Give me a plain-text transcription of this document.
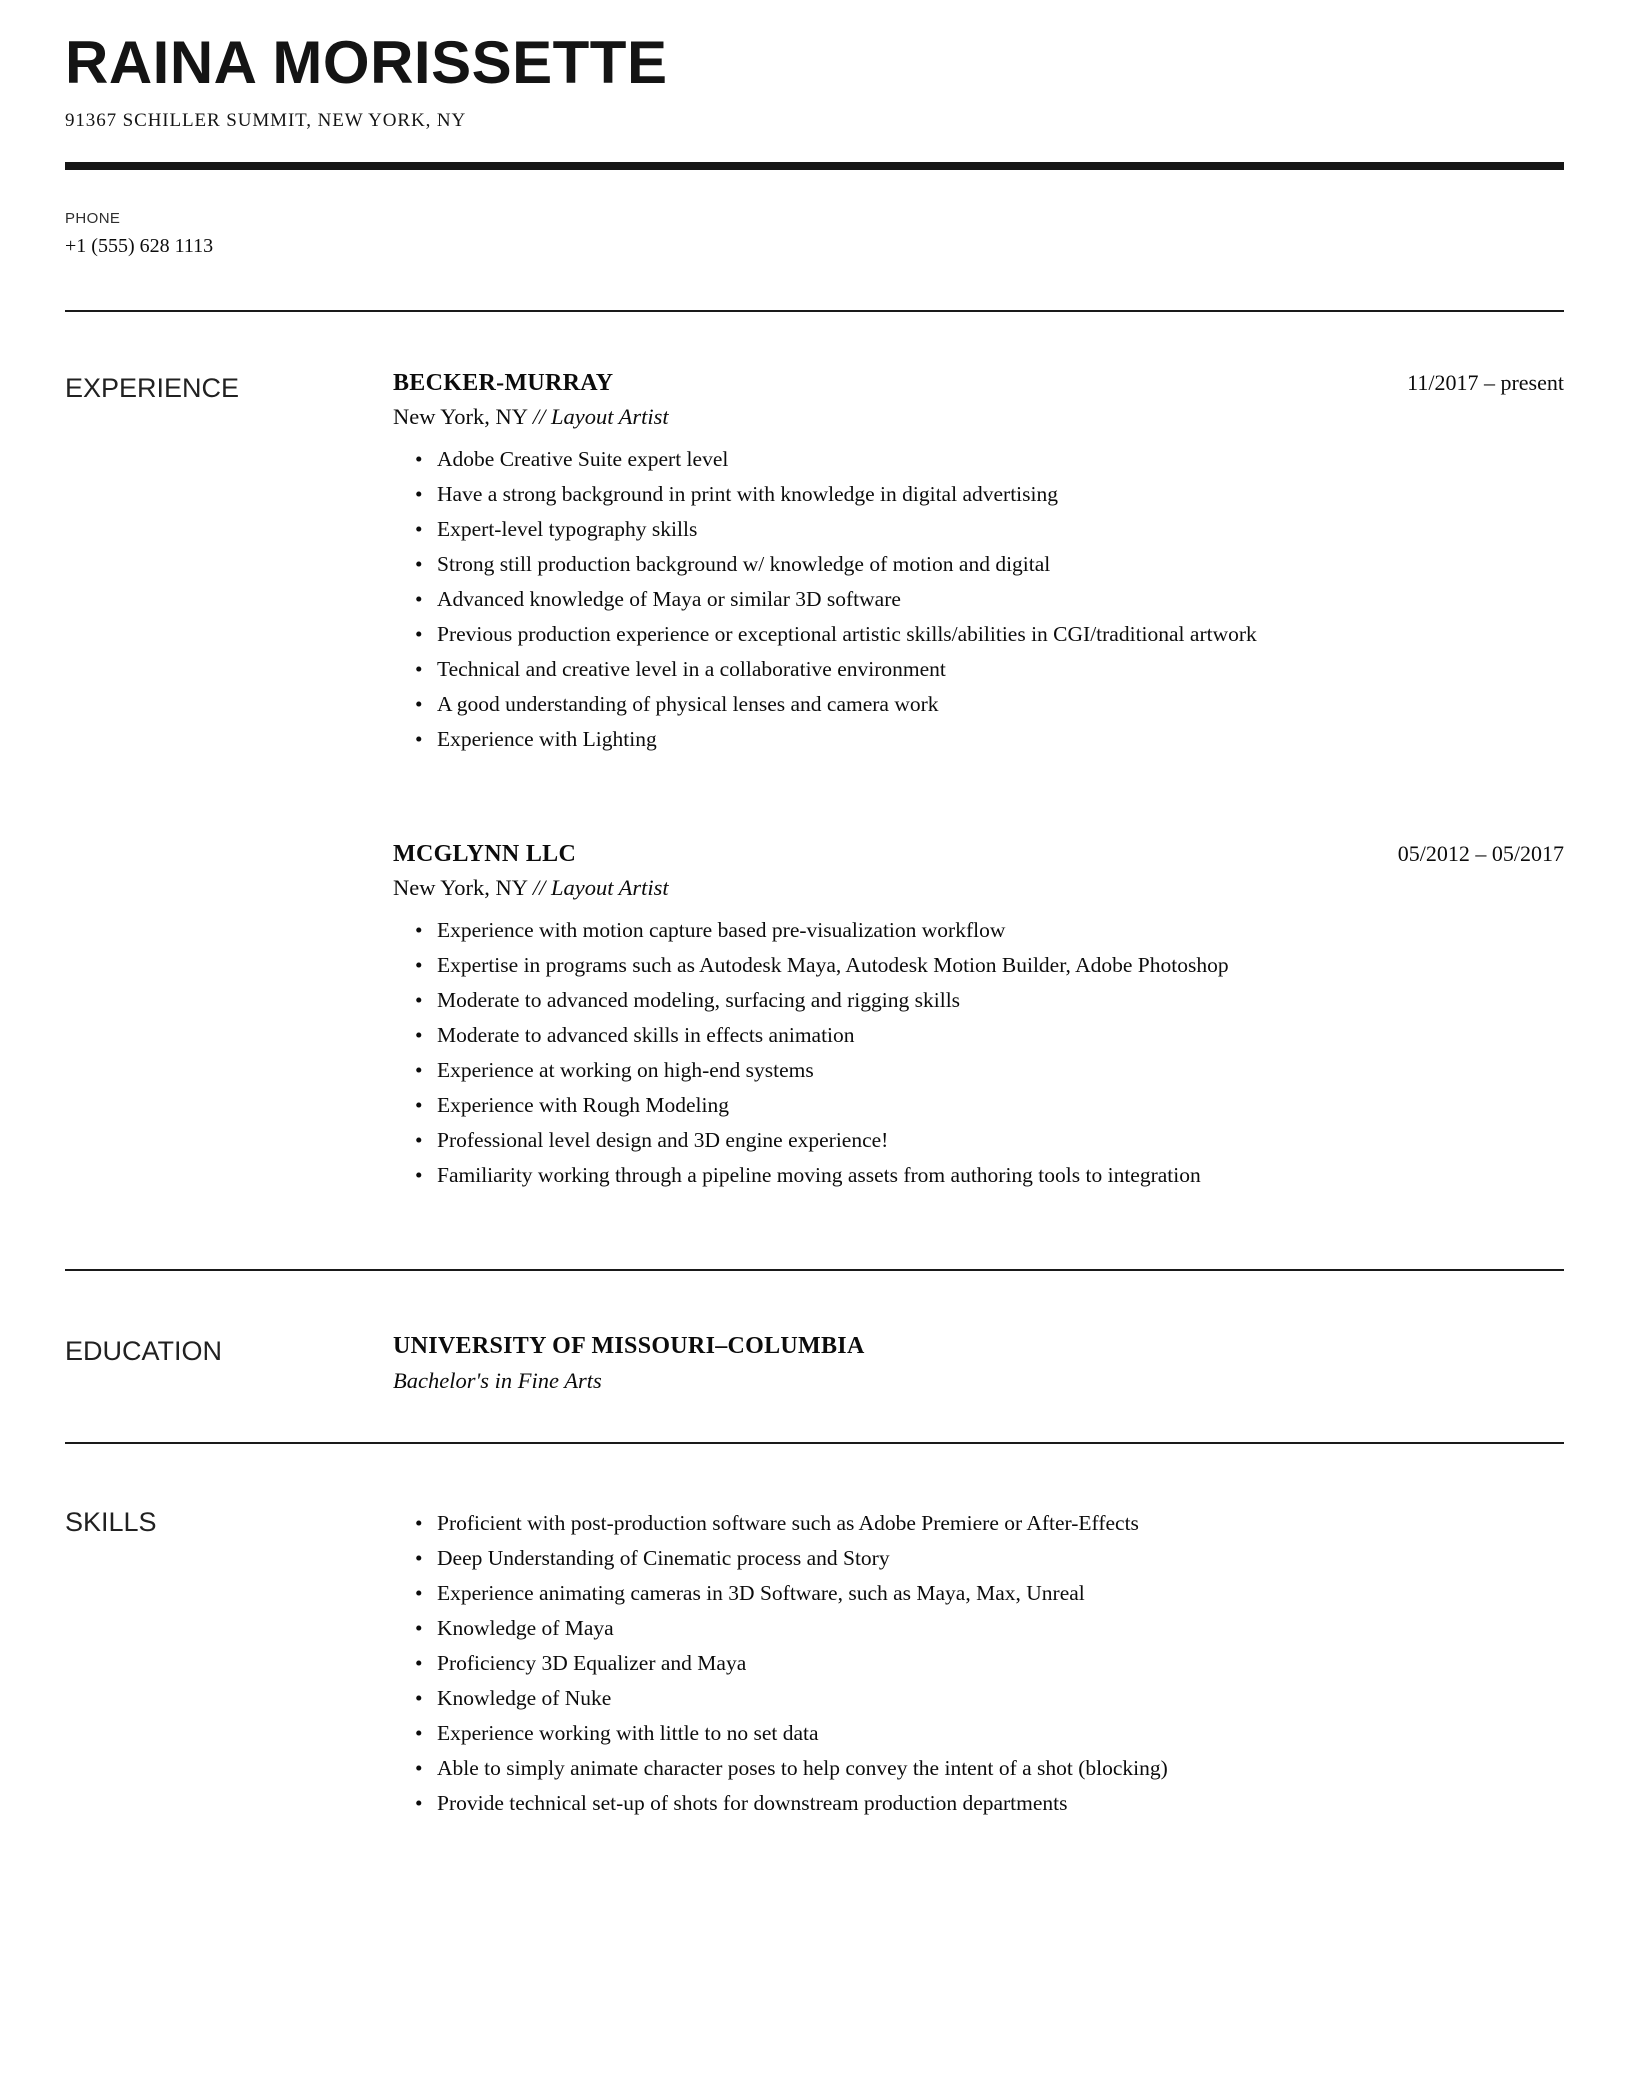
RAINA MORISSETTE
91367 SCHILLER SUMMIT, NEW YORK, NY
PHONE
+1 (555) 628 1113
EXPERIENCE	BECKER-MURRAY	11/2017 – present
New York, NY // Layout Artist
• Adobe Creative Suite expert level
• Have a strong background in print with knowledge in digital advertising
• Expert-level typography skills
• Strong still production background w/ knowledge of motion and digital
• Advanced knowledge of Maya or similar 3D software
• Previous production experience or exceptional artistic skills/abilities in CGI/traditional artwork
• Technical and creative level in a collaborative environment
• A good understanding of physical lenses and camera work
• Experience with Lighting
MCGLYNN LLC	05/2012 – 05/2017
New York, NY // Layout Artist
• Experience with motion capture based pre-visualization workflow
• Expertise in programs such as Autodesk Maya, Autodesk Motion Builder, Adobe Photoshop
• Moderate to advanced modeling, surfacing and rigging skills
• Moderate to advanced skills in effects animation
• Experience at working on high-end systems
• Experience with Rough Modeling
• Professional level design and 3D engine experience!
• Familiarity working through a pipeline moving assets from authoring tools to integration
EDUCATION	UNIVERSITY OF MISSOURI–COLUMBIA
Bachelor's in Fine Arts
SKILLS	• Proficient with post-production software such as Adobe Premiere or After-Effects
• Deep Understanding of Cinematic process and Story
• Experience animating cameras in 3D Software, such as Maya, Max, Unreal
• Knowledge of Maya
• Proficiency 3D Equalizer and Maya
• Knowledge of Nuke
• Experience working with little to no set data
• Able to simply animate character poses to help convey the intent of a shot (blocking)
• Provide technical set-up of shots for downstream production departments
